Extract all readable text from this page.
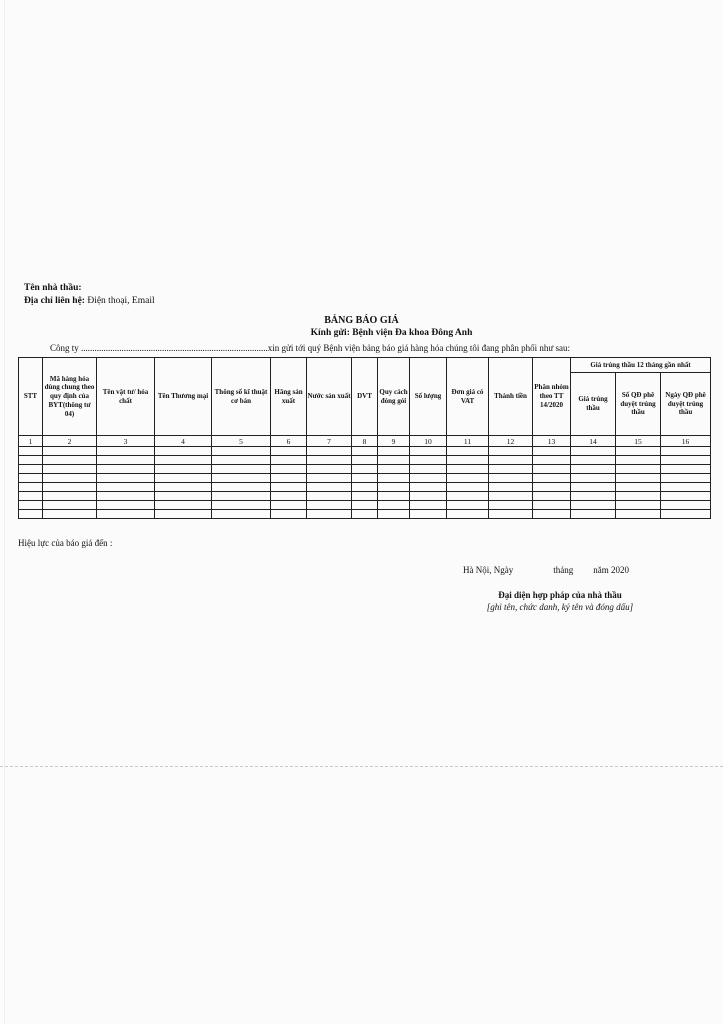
Tên nhà thầu:
Địa chỉ liên hệ: Điện thoại, Email
BẢNG BÁO GIÁ
Kính gửi: Bệnh viện Đa khoa Đông Anh
Công ty ...................................................................................xin gửi tới quý Bệnh viện bảng báo giá hàng hóa chúng tôi đang phân phối như sau:
STT	Mã hàng hóa dùng chung theo quy định của BYT(thông tư 04)	Tên vật tư/ hóa chất	Tên Thương mại	Thông số kĩ thuật cơ bản	Hãng sản xuất	Nước sản xuất	DVT	Quy cách đóng gói	Số lượng	Đơn giá có VAT	Thành tiền	Phân nhóm theo TT 14/2020	Giá trúng thầu 12 tháng gần nhất		
													Giá trúng thầu	Số QĐ phê duyệt trúng thầu	Ngày QĐ phê duyệt trúng thầu
1	2	3	4	5	6	7	8	9	10	11	12	13	14	15	16

Hiệu lực của báo giá đến :
Hà Nội, Ngày	tháng năm 2020
Đại diện hợp pháp của nhà thầu
[ghi tên, chức danh, ký tên và đóng dấu]
